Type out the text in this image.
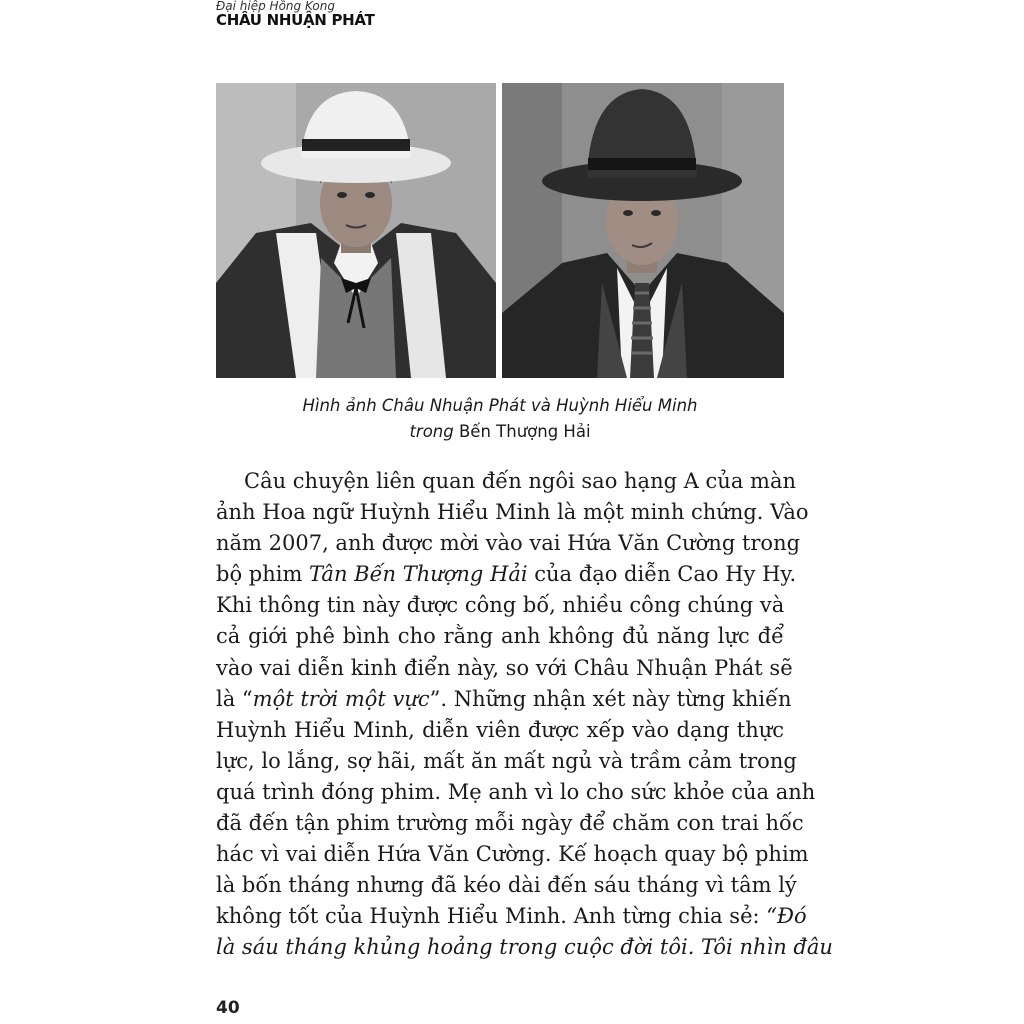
Đại hiệp Hồng Kong
CHÂU NHUẬN PHÁT
Hình ảnh Châu Nhuận Phát và Huỳnh Hiểu Minh
trong Bến Thượng Hải
Câu chuyện liên quan đến ngôi sao hạng A của màn
ảnh Hoa ngữ Huỳnh Hiểu Minh là một minh chứng. Vào
năm 2007, anh được mời vào vai Hứa Văn Cường trong
bộ phim Tân Bến Thượng Hải của đạo diễn Cao Hy Hy.
Khi thông tin này được công bố, nhiều công chúng và
cả giới phê bình cho rằng anh không đủ năng lực để
vào vai diễn kinh điển này, so với Châu Nhuận Phát sẽ
là “một trời một vực”. Những nhận xét này từng khiến
Huỳnh Hiểu Minh, diễn viên được xếp vào dạng thực
lực, lo lắng, sợ hãi, mất ăn mất ngủ và trầm cảm trong
quá trình đóng phim. Mẹ anh vì lo cho sức khỏe của anh
đã đến tận phim trường mỗi ngày để chăm con trai hốc
hác vì vai diễn Hứa Văn Cường. Kế hoạch quay bộ phim
là bốn tháng nhưng đã kéo dài đến sáu tháng vì tâm lý
không tốt của Huỳnh Hiểu Minh. Anh từng chia sẻ: “Đó
là sáu tháng khủng hoảng trong cuộc đời tôi. Tôi nhìn đâu
40
